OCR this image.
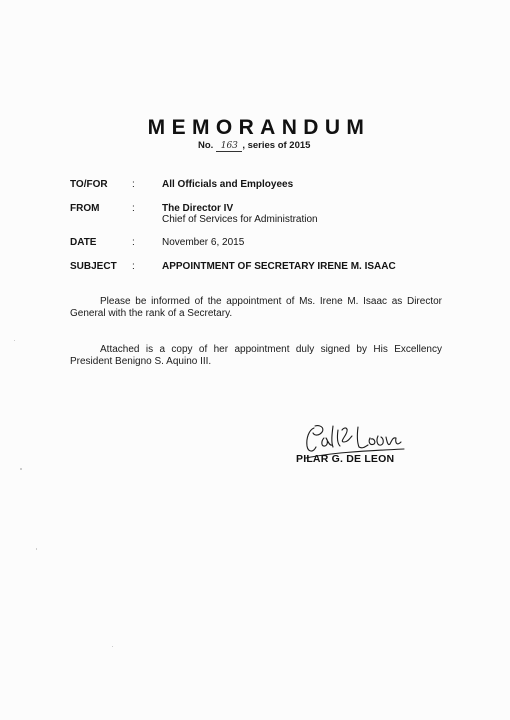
MEMORANDUM
No. 163 , series of 2015
TO/FOR :	All Officials and Employees
FROM	:	The Director IV
Chief of Services for Administration
DATE	:	November 6, 2015
SUBJECT :	APPOINTMENT OF SECRETARY IRENE M. ISAAC
Please be informed of the appointment of Ms. Irene M. Isaac as Director General with the rank of a Secretary.
Attached is a copy of her appointment duly signed by His Excellency President Benigno S. Aquino III.
PILAR G. DE LEON
